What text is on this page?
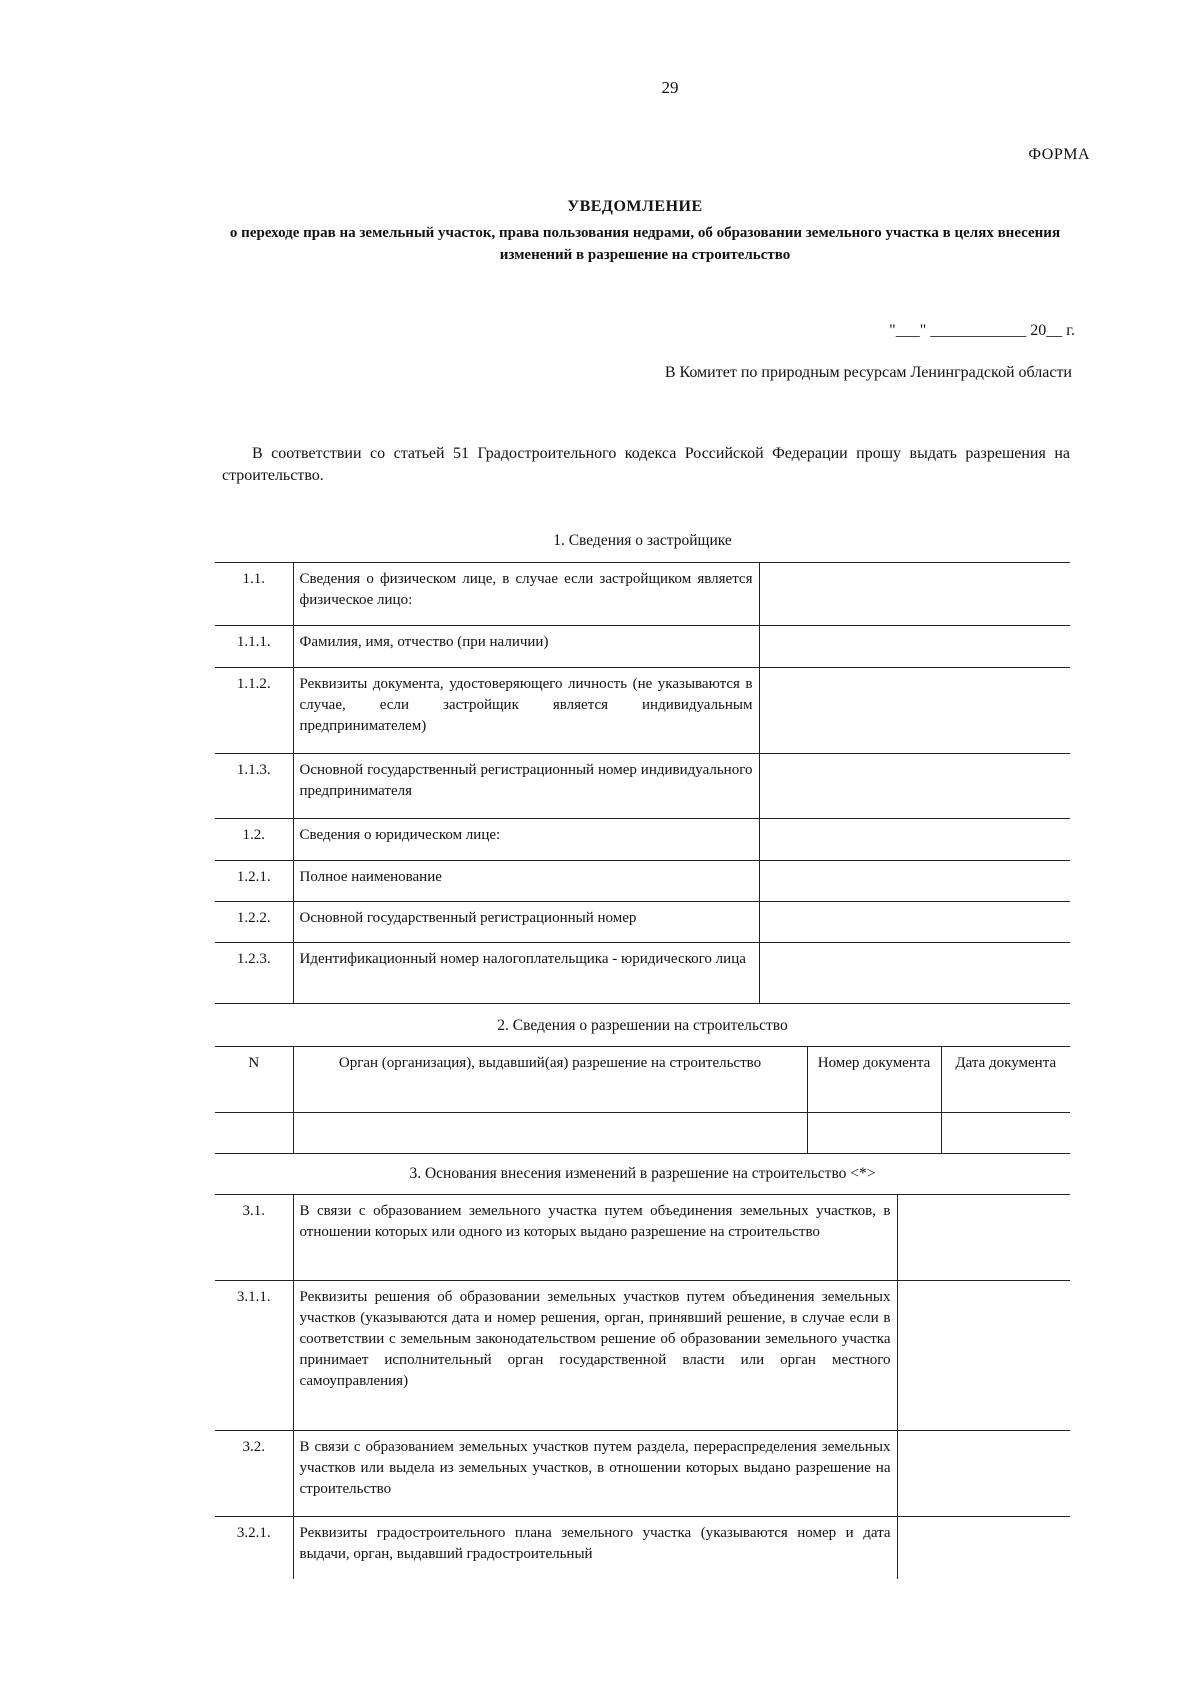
29
ФОРМА
УВЕДОМЛЕНИЕ
о переходе прав на земельный участок, права пользования недрами, об образовании земельного участка в целях внесения изменений в разрешение на строительство
"___" ____________ 20__ г.
В Комитет по природным ресурсам Ленинградской области
В соответствии со статьей 51 Градостроительного кодекса Российской Федерации прошу выдать разрешения на строительство.
1. Сведения о застройщике
1.1.	Сведения о физическом лице, в случае если застройщиком является физическое лицо:	
1.1.1.	Фамилия, имя, отчество (при наличии)	
1.1.2.	Реквизиты документа, удостоверяющего личность (не указываются в случае, если застройщик является индивидуальным предпринимателем)	
1.1.3.	Основной государственный регистрационный номер индивидуального предпринимателя	
1.2.	Сведения о юридическом лице:	
1.2.1.	Полное наименование	
1.2.2.	Основной государственный регистрационный номер	
1.2.3.	Идентификационный номер налогоплательщика - юридического лица	
2. Сведения о разрешении на строительство
N	Орган (организация), выдавший(ая) разрешение на строительство	Номер документа	Дата документа

3. Основания внесения изменений в разрешение на строительство <*>
3.1.	В связи с образованием земельного участка путем объединения земельных участков, в отношении которых или одного из которых выдано разрешение на строительство	
3.1.1.	Реквизиты решения об образовании земельных участков путем объединения земельных участков (указываются дата и номер решения, орган, принявший решение, в случае если в соответствии с земельным законодательством решение об образовании земельного участка принимает исполнительный орган государственной власти или орган местного самоуправления)	
3.2.	В связи с образованием земельных участков путем раздела, перераспределения земельных участков или выдела из земельных участков, в отношении которых выдано разрешение на строительство	
3.2.1.	Реквизиты градостроительного плана земельного участка (указываются номер и дата выдачи, орган, выдавший градостроительный	
